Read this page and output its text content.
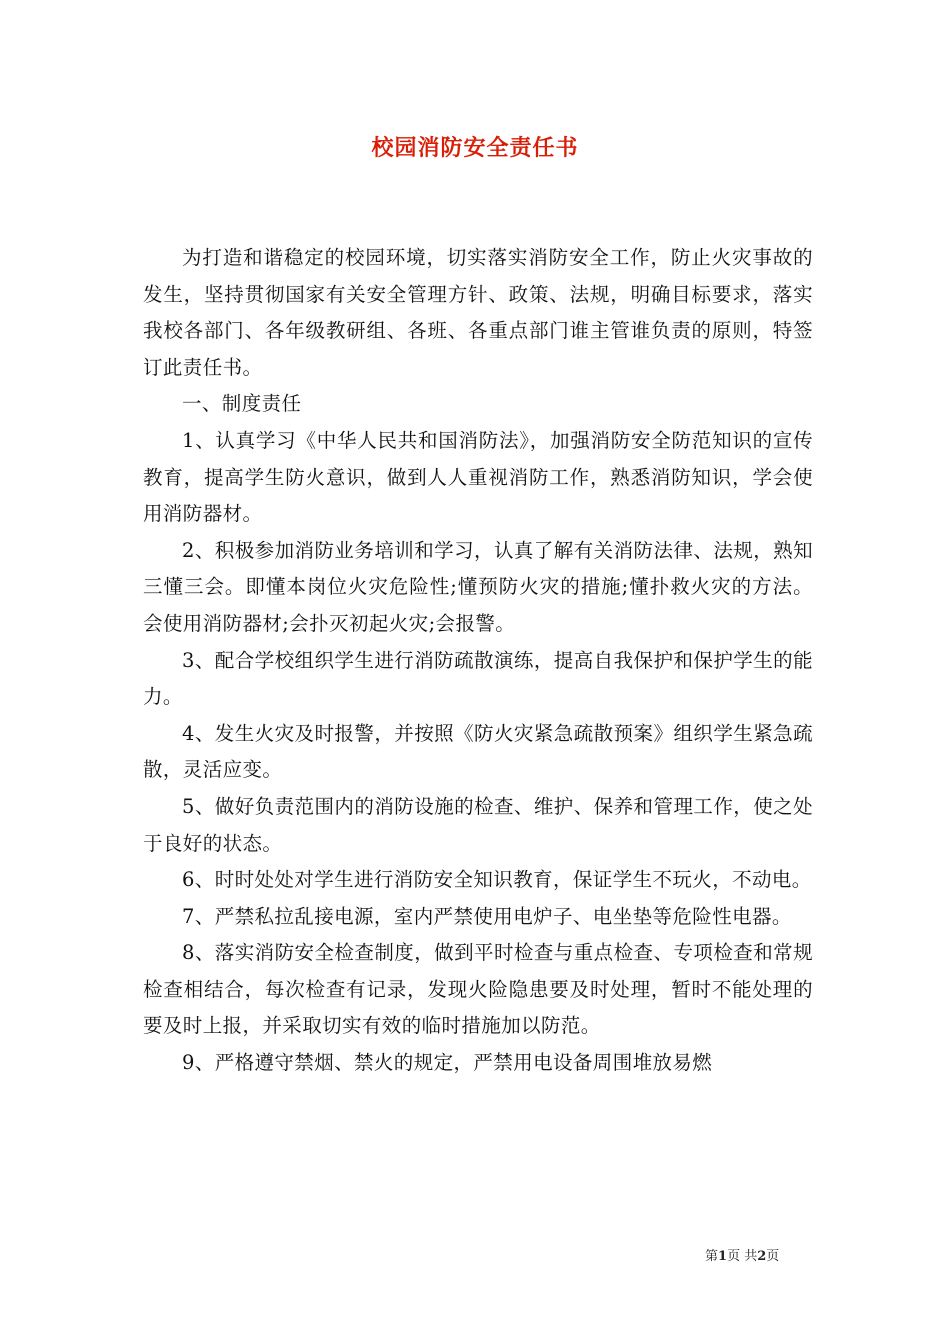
校园消防安全责任书

为打造和谐稳定的校园环境，切实落实消防安全工作，防止火灾事故的发生，坚持贯彻国家有关安全管理方针、政策、法规，明确目标要求，落实我校各部门、各年级教研组、各班、各重点部门谁主管谁负责的原则，特签订此责任书。

一、制度责任

1、认真学习《中华人民共和国消防法》，加强消防安全防范知识的宣传教育，提高学生防火意识，做到人人重视消防工作，熟悉消防知识，学会使用消防器材。

2、积极参加消防业务培训和学习，认真了解有关消防法律、法规，熟知三懂三会。即懂本岗位火灾危险性;懂预防火灾的措施;懂扑救火灾的方法。会使用消防器材;会扑灭初起火灾;会报警。

3、配合学校组织学生进行消防疏散演练，提高自我保护和保护学生的能力。

4、发生火灾及时报警，并按照《防火灾紧急疏散预案》组织学生紧急疏散，灵活应变。

5、做好负责范围内的消防设施的检查、维护、保养和管理工作，使之处于良好的状态。

6、时时处处对学生进行消防安全知识教育，保证学生不玩火，不动电。

7、严禁私拉乱接电源，室内严禁使用电炉子、电坐垫等危险性电器。

8、落实消防安全检查制度，做到平时检查与重点检查、专项检查和常规检查相结合，每次检查有记录，发现火险隐患要及时处理，暂时不能处理的要及时上报，并采取切实有效的临时措施加以防范。

9、严格遵守禁烟、禁火的规定，严禁用电设备周围堆放易燃

第1页 共2页
